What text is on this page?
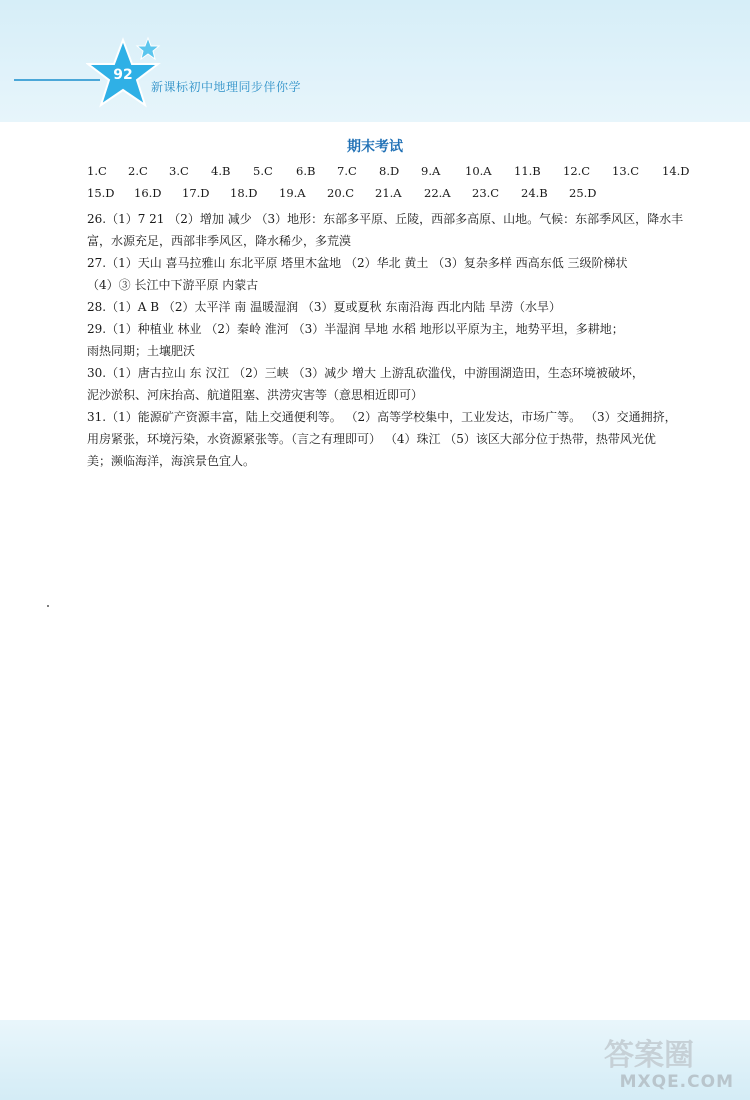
92
新课标初中地理同步伴你学
期末考试
1.C 2.C 3.C 4.B 5.C 6.B 7.C 8.D 9.A 10.A 11.B 12.C 13.C 14.D
15.D 16.D 17.D 18.D 19.A 20.C 21.A 22.A 23.C 24.B 25.D

26.（1）7 21 （2）增加 减少 （3）地形：东部多平原、丘陵，西部多高原、山地。气候：东部季风区，降水丰

富，水源充足，西部非季风区，降水稀少，多荒漠

27.（1）天山 喜马拉雅山 东北平原 塔里木盆地 （2）华北 黄土 （3）复杂多样 西高东低 三级阶梯状

（4）③ 长江中下游平原 内蒙古

28.（1）A B （2）太平洋 南 温暖湿润 （3）夏或夏秋 东南沿海 西北内陆 旱涝（水旱）

29.（1）种植业 林业 （2）秦岭 淮河 （3）半湿润 旱地 水稻 地形以平原为主，地势平坦，多耕地；

雨热同期；土壤肥沃

30.（1）唐古拉山 东 汉江 （2）三峡 （3）减少 增大 上游乱砍滥伐，中游围湖造田，生态环境被破坏，

泥沙淤积、河床抬高、航道阻塞、洪涝灾害等（意思相近即可）

31.（1）能源矿产资源丰富，陆上交通便利等。 （2）高等学校集中，工业发达，市场广等。 （3）交通拥挤，

用房紧张，环境污染，水资源紧张等。（言之有理即可） （4）珠江 （5）该区大部分位于热带，热带风光优

美；濒临海洋，海滨景色宜人。

答案圈
MXQE.COM
